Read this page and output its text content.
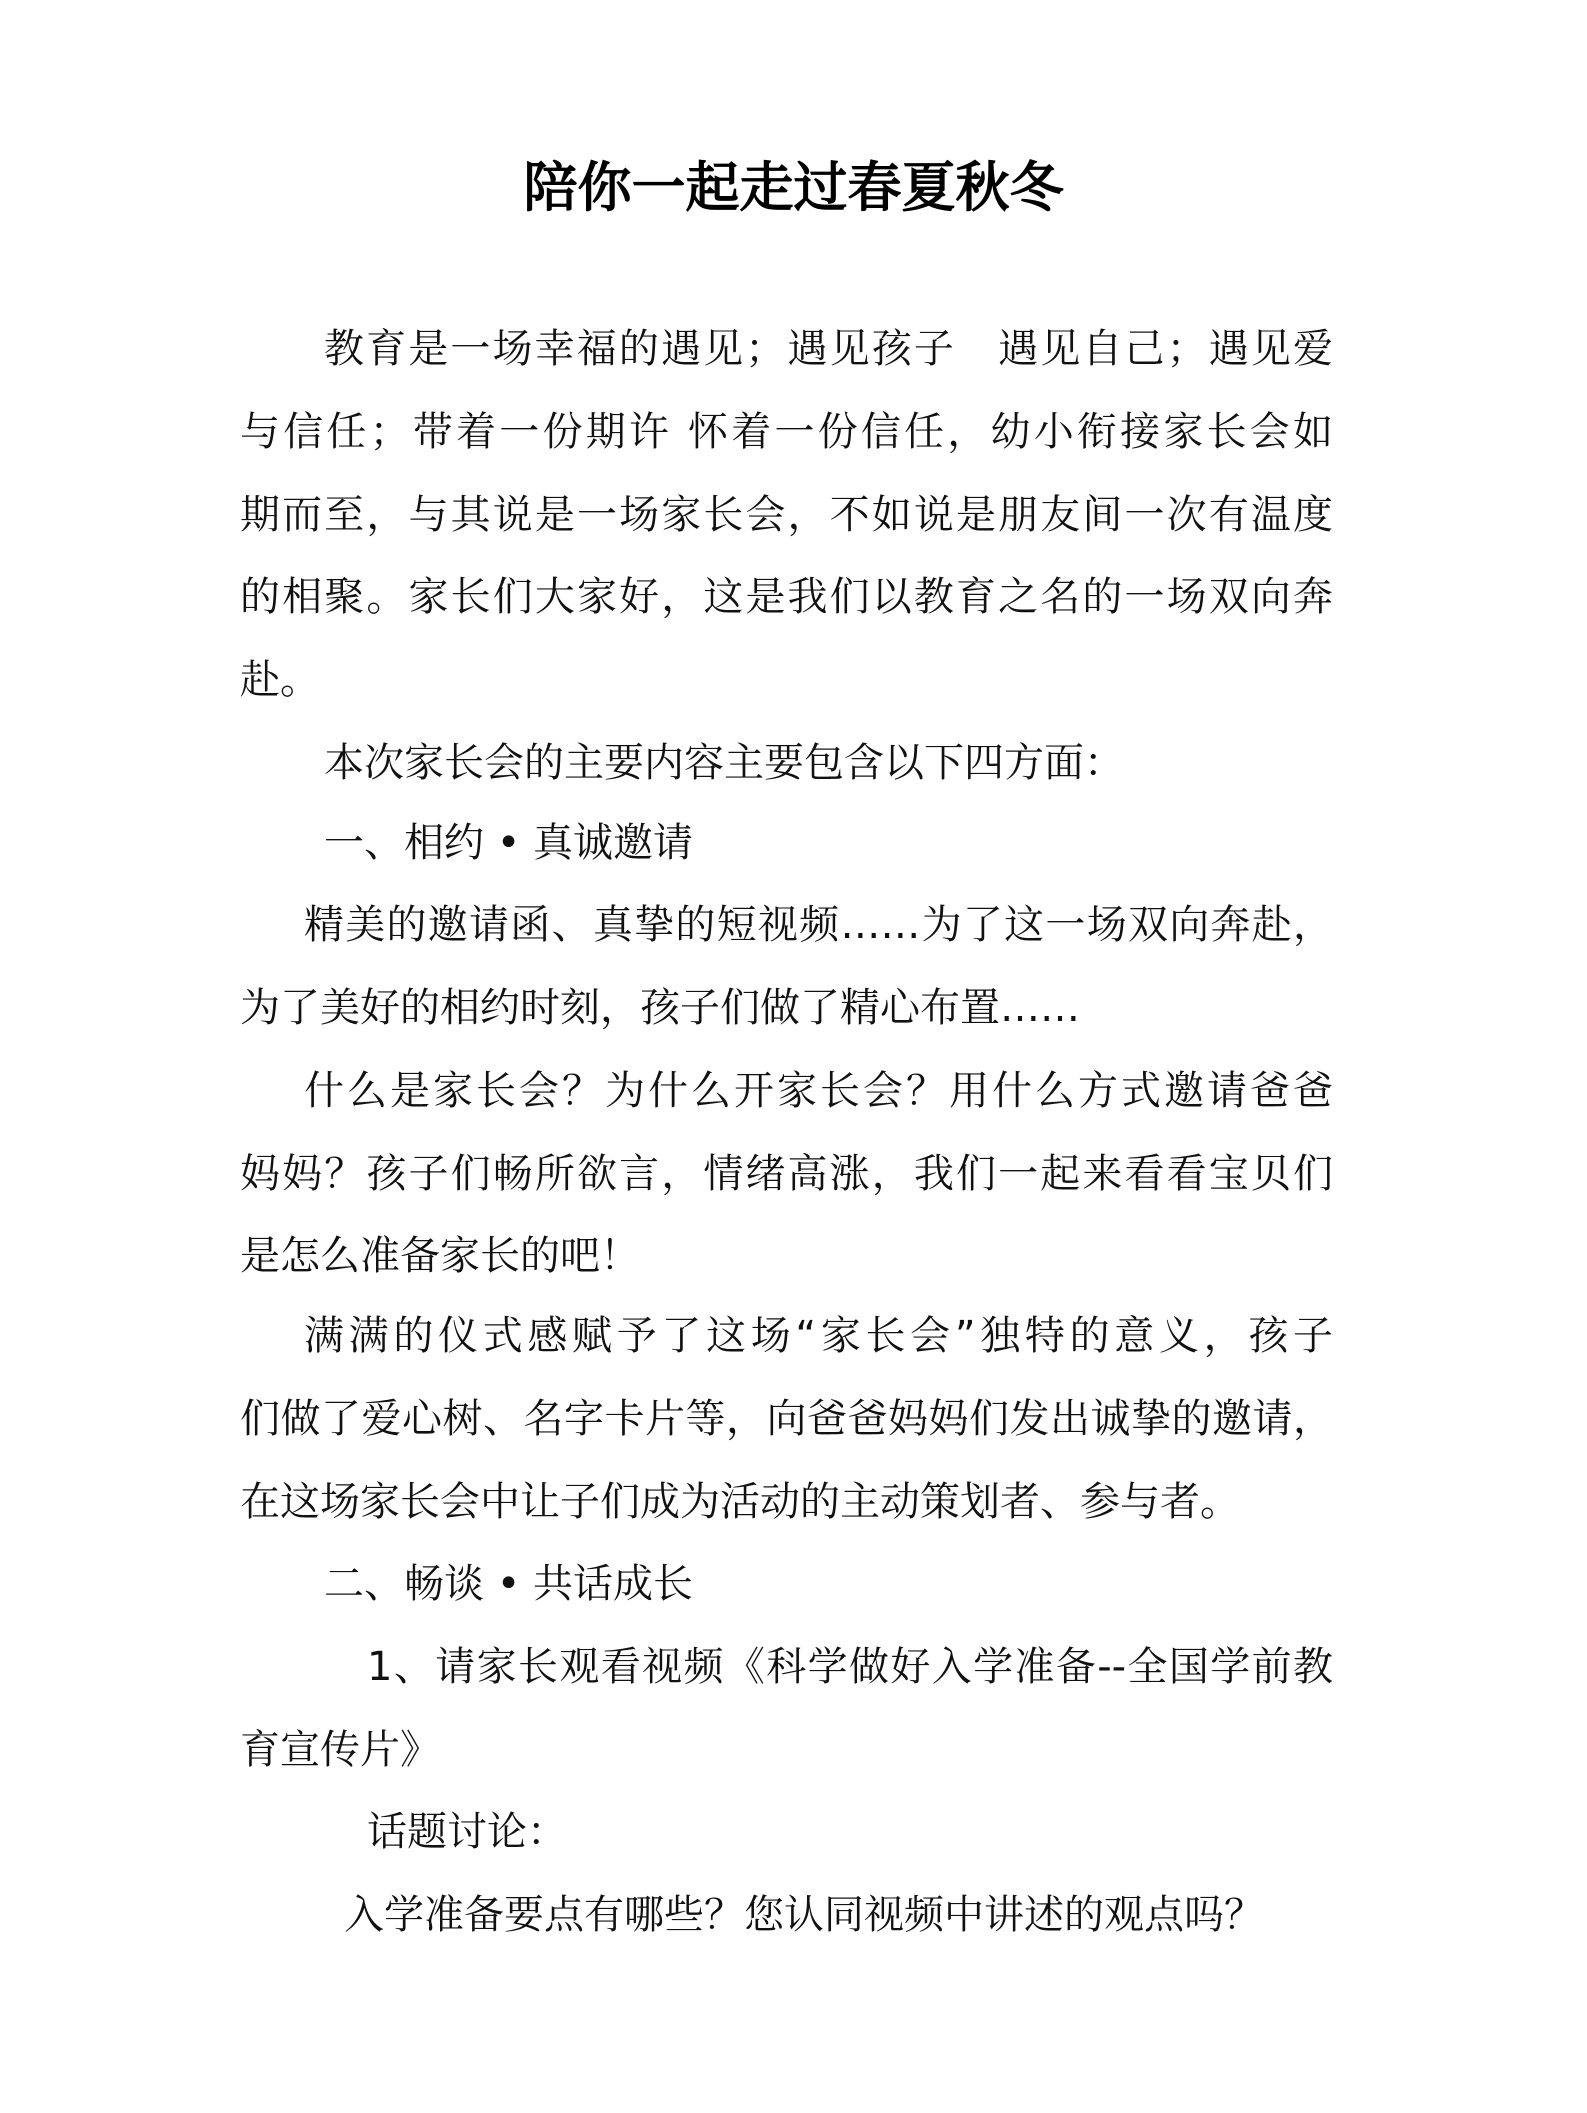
陪你一起走过春夏秋冬
教育是一场幸福的遇见；遇见孩子　遇见自己；遇见爱
与信任；带着一份期许 怀着一份信任，幼小衔接家长会如
期而至，与其说是一场家长会，不如说是朋友间一次有温度
的相聚。家长们大家好，这是我们以教育之名的一场双向奔
赴。
本次家长会的主要内容主要包含以下四方面：
一、相约 • 真诚邀请
精美的邀请函、真挚的短视频……为了这一场双向奔赴，
为了美好的相约时刻，孩子们做了精心布置……
什么是家长会？为什么开家长会？用什么方式邀请爸爸
妈妈？孩子们畅所欲言，情绪高涨，我们一起来看看宝贝们
是怎么准备家长的吧！
满满的仪式感赋予了这场“家长会”独特的意义，孩子
们做了爱心树、名字卡片等，向爸爸妈妈们发出诚挚的邀请，
在这场家长会中让子们成为活动的主动策划者、参与者。
二、畅谈 • 共话成长
1、请家长观看视频《科学做好入学准备--全国学前教
育宣传片》
话题讨论：
入学准备要点有哪些？您认同视频中讲述的观点吗？
